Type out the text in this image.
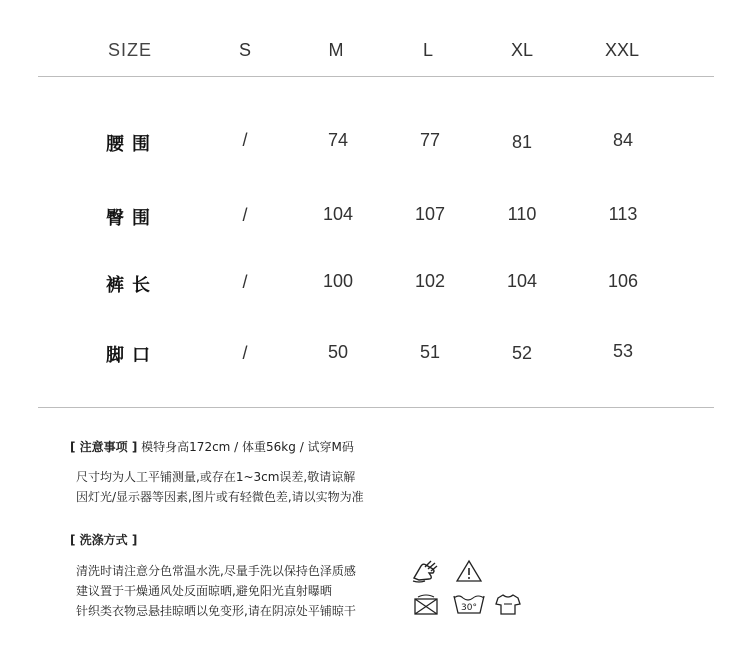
SIZE	S	M	L	XL	XXL
腰围	/	74	77	81	84
臀围	/	104	107	110	113
裤长	/	100	102	104	106
脚口	/	50	51	52	53
[ 注意事项 ] 模特身高172cm / 体重56kg / 试穿M码
尺寸均为人工平铺测量,或存在1~3cm误差,敬请谅解
因灯光/显示器等因素,图片或有轻微色差,请以实物为准
[ 洗涤方式 ]
清洗时请注意分色常温水洗,尽量手洗以保持色泽质感
建议置于干燥通风处反面晾晒,避免阳光直射曝晒
针织类衣物忌悬挂晾晒以免变形,请在阴凉处平铺晾干	30°
